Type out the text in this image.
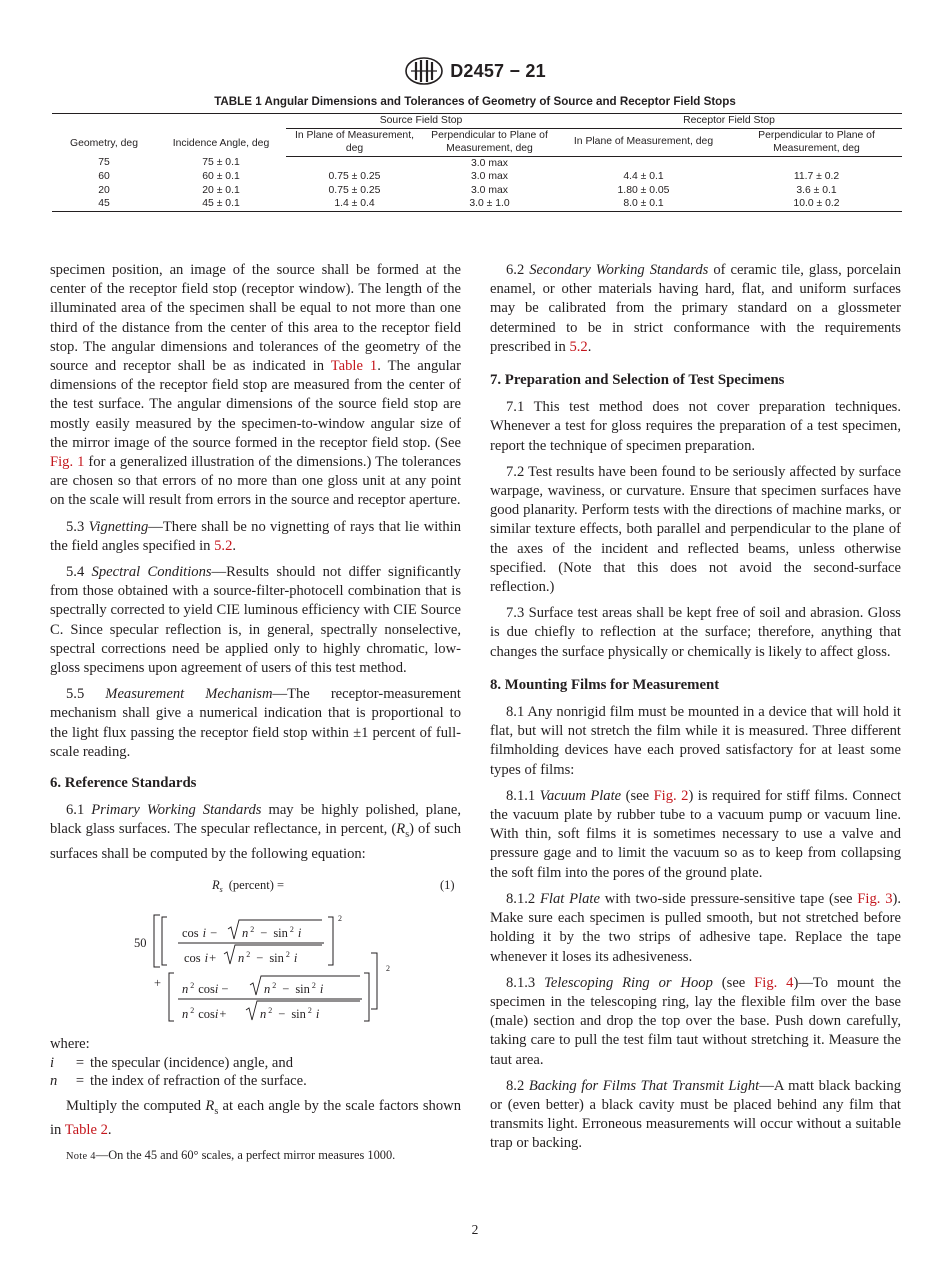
D2457 − 21
TABLE 1 Angular Dimensions and Tolerances of Geometry of Source and Receptor Field Stops
Geometry, deg	Incidence Angle, deg	Source Field Stop		Receptor Field Stop	
		In Plane of Measurement, deg	Perpendicular to Plane of Measurement, deg	In Plane of Measurement, deg	Perpendicular to Plane of Measurement, deg
75	75 ± 0.1		3.0 max		
60	60 ± 0.1	0.75 ± 0.25	3.0 max	4.4 ± 0.1	11.7 ± 0.2
20	20 ± 0.1	0.75 ± 0.25	3.0 max	1.80 ± 0.05	3.6 ± 0.1
45	45 ± 0.1	1.4 ± 0.4	3.0 ± 1.0	8.0 ± 0.1	10.0 ± 0.2

specimen position, an image of the source shall be formed at the center of the receptor field stop (receptor window). The length of the illuminated area of the specimen shall be equal to not more than one third of the distance from the center of this area to the receptor field stop. The angular dimensions and tolerances of the geometry of the source and receptor shall be as indicated in Table 1. The angular dimensions of the receptor field stop are measured from the center of the test surface. The angular dimensions of the source field stop are mostly easily measured by the specimen-to-window angular size of the mirror image of the source formed in the receptor field stop. (See Fig. 1 for a generalized illustration of the dimensions.) The tolerances are chosen so that errors of no more than one gloss unit at any point on the scale will result from errors in the source and receptor aperture.

5.3 Vignetting—There shall be no vignetting of rays that lie within the field angles specified in 5.2.

5.4 Spectral Conditions—Results should not differ significantly from those obtained with a source-filter-photocell combination that is spectrally corrected to yield CIE luminous efficiency with CIE Source C. Since specular reflection is, in general, spectrally nonselective, spectral corrections need be applied only to highly chromatic, low-gloss specimens upon agreement of users of this test method.

5.5 Measurement Mechanism—The receptor-measurement mechanism shall give a numerical indication that is proportional to the light flux passing the receptor field stop within ±1 percent of full-scale reading.

6. Reference Standards

6.1 Primary Working Standards may be highly polished, plane, black glass surfaces. The specular reflectance, in percent, $(R_s)$ of such surfaces shall be computed by the following equation:

$R_s$ (percent) =	(1)
50
2
cos i − n $^2$ − sin $^2$ i
cos i+ n $^2$ − sin $^2$ i
+
2
n $^2$ cosi −	n $^2$ − sin $^2$ i
n $^2$ cosi+	n $^2$ − sin $^2$ i
where:
i	= the specular (incidence) angle, and
n	= the index of refraction of the surface.

Multiply the computed $R_s$ at each angle by the scale factors shown in Table 2.

Note 4—On the 45 and 60° scales, a perfect mirror measures 1000.

6.2 Secondary Working Standards of ceramic tile, glass, porcelain enamel, or other materials having hard, flat, and uniform surfaces may be calibrated from the primary standard on a glossmeter determined to be in strict conformance with the requirements prescribed in 5.2.

7. Preparation and Selection of Test Specimens

7.1 This test method does not cover preparation techniques. Whenever a test for gloss requires the preparation of a test specimen, report the technique of specimen preparation.

7.2 Test results have been found to be seriously affected by surface warpage, waviness, or curvature. Ensure that specimen surfaces have good planarity. Perform tests with the directions of machine marks, or similar texture effects, both parallel and perpendicular to the plane of the axes of the incident and reflected beams, unless otherwise specified. (Note that this does not avoid the second-surface reflection.)

7.3 Surface test areas shall be kept free of soil and abrasion. Gloss is due chiefly to reflection at the surface; therefore, anything that changes the surface physically or chemically is likely to affect gloss.

8. Mounting Films for Measurement

8.1 Any nonrigid film must be mounted in a device that will hold it flat, but will not stretch the film while it is measured. Three different filmholding devices have each proved satisfactory for at least some types of films:

8.1.1 Vacuum Plate (see Fig. 2) is required for stiff films. Connect the vacuum plate by rubber tube to a vacuum pump or vacuum line. With thin, soft films it is sometimes necessary to use a valve and pressure gage and to limit the vacuum so as to keep from collapsing the soft film into the pores of the ground plate.

8.1.2 Flat Plate with two-side pressure-sensitive tape (see Fig. 3). Make sure each specimen is pulled smooth, but not stretched before holding it by the two strips of adhesive tape. Replace the tape whenever it loses its adhesiveness.

8.1.3 Telescoping Ring or Hoop (see Fig. 4)—To mount the specimen in the telescoping ring, lay the flexible film over the base (male) section and drop the top over the base. Push down carefully, taking care to pull the test film taut without stretching it. Measure the taut area.

8.2 Backing for Films That Transmit Light—A matt black backing or (even better) a black cavity must be placed behind any film that transmits light. Erroneous measurements will occur without a suitable trap or backing.

2
